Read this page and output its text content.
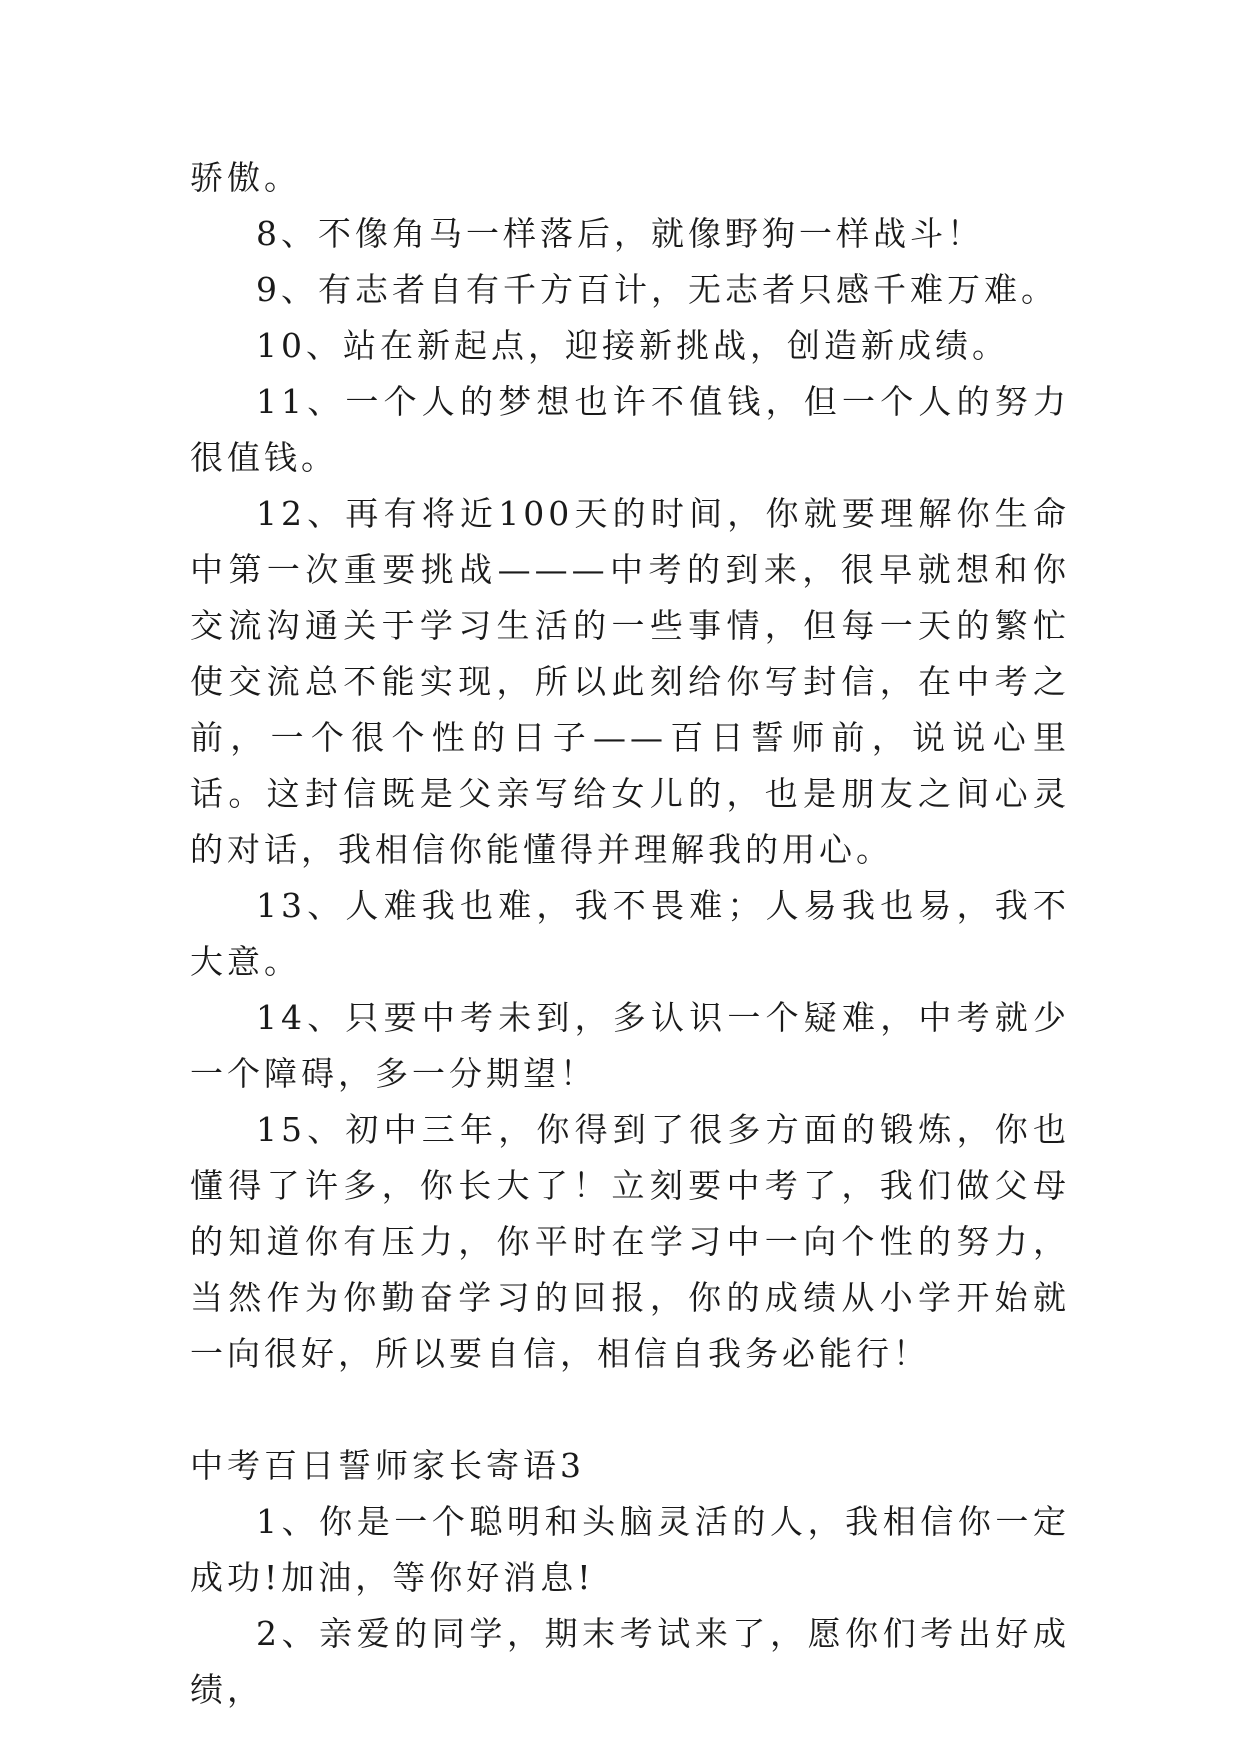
骄傲。

8、不像角马一样落后，就像野狗一样战斗！

9、有志者自有千方百计，无志者只感千难万难。

10、站在新起点，迎接新挑战，创造新成绩。

11、一个人的梦想也许不值钱，但一个人的努力很值钱。

12、再有将近100天的时间，你就要理解你生命中第一次重要挑战———中考的到来，很早就想和你交流沟通关于学习生活的一些事情，但每一天的繁忙使交流总不能实现，所以此刻给你写封信，在中考之前，一个很个性的日子——百日誓师前，说说心里话。这封信既是父亲写给女儿的，也是朋友之间心灵的对话，我相信你能懂得并理解我的用心。

13、人难我也难，我不畏难；人易我也易，我不大意。

14、只要中考未到，多认识一个疑难，中考就少一个障碍，多一分期望！

15、初中三年，你得到了很多方面的锻炼，你也懂得了许多，你长大了！立刻要中考了，我们做父母的知道你有压力，你平时在学习中一向个性的努力，当然作为你勤奋学习的回报，你的成绩从小学开始就一向很好，所以要自信，相信自我务必能行！

中考百日誓师家长寄语3

1、你是一个聪明和头脑灵活的人，我相信你一定成功!加油，等你好消息!

2、亲爱的同学，期末考试来了，愿你们考出好成绩，
